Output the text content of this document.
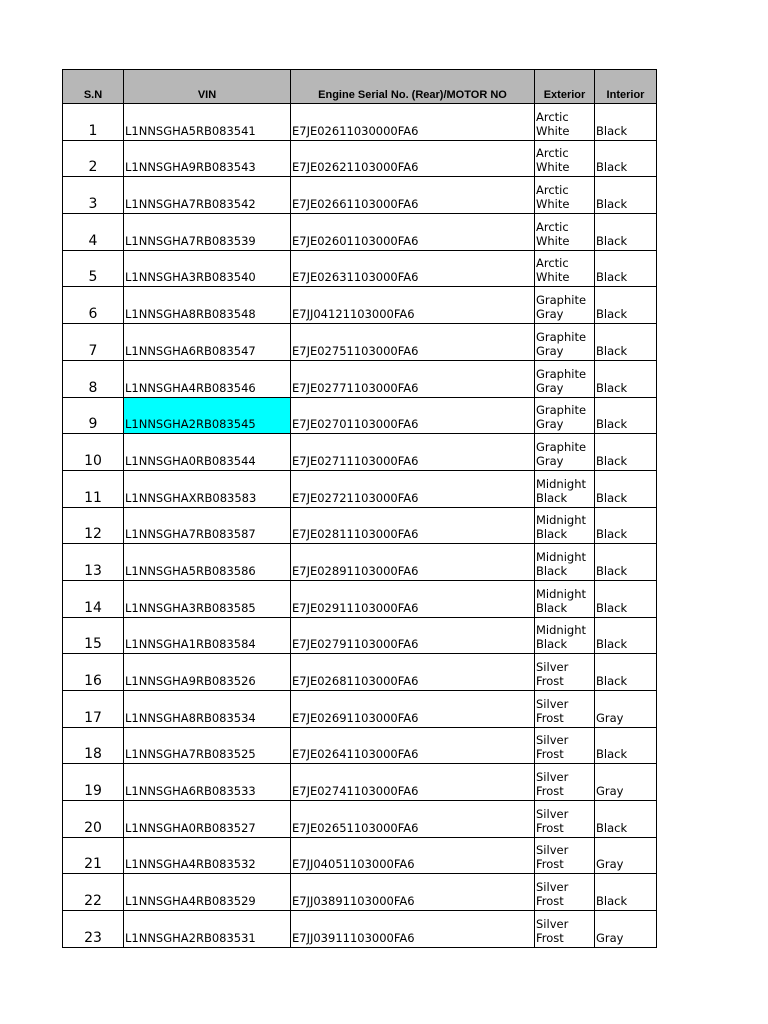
S.N	VIN	Engine Serial No. (Rear)/MOTOR NO	Exterior	Interior
1	L1NNSGHA5RB083541	E7JE02611030000FA6	Arctic White	Black
2	L1NNSGHA9RB083543	E7JE02621103000FA6	Arctic White	Black
3	L1NNSGHA7RB083542	E7JE02661103000FA6	Arctic White	Black
4	L1NNSGHA7RB083539	E7JE02601103000FA6	Arctic White	Black
5	L1NNSGHA3RB083540	E7JE02631103000FA6	Arctic White	Black
6	L1NNSGHA8RB083548	E7JJ04121103000FA6	Graphite Gray	Black
7	L1NNSGHA6RB083547	E7JE02751103000FA6	Graphite Gray	Black
8	L1NNSGHA4RB083546	E7JE02771103000FA6	Graphite Gray	Black
9	L1NNSGHA2RB083545	E7JE02701103000FA6	Graphite Gray	Black
10	L1NNSGHA0RB083544	E7JE02711103000FA6	Graphite Gray	Black
11	L1NNSGHAXRB083583	E7JE02721103000FA6	Midnight Black	Black
12	L1NNSGHA7RB083587	E7JE02811103000FA6	Midnight Black	Black
13	L1NNSGHA5RB083586	E7JE02891103000FA6	Midnight Black	Black
14	L1NNSGHA3RB083585	E7JE02911103000FA6	Midnight Black	Black
15	L1NNSGHA1RB083584	E7JE02791103000FA6	Midnight Black	Black
16	L1NNSGHA9RB083526	E7JE02681103000FA6	Silver Frost	Black
17	L1NNSGHA8RB083534	E7JE02691103000FA6	Silver Frost	Gray
18	L1NNSGHA7RB083525	E7JE02641103000FA6	Silver Frost	Black
19	L1NNSGHA6RB083533	E7JE02741103000FA6	Silver Frost	Gray
20	L1NNSGHA0RB083527	E7JE02651103000FA6	Silver Frost	Black
21	L1NNSGHA4RB083532	E7JJ04051103000FA6	Silver Frost	Gray
22	L1NNSGHA4RB083529	E7JJ03891103000FA6	Silver Frost	Black
23	L1NNSGHA2RB083531	E7JJ03911103000FA6	Silver Frost	Gray
